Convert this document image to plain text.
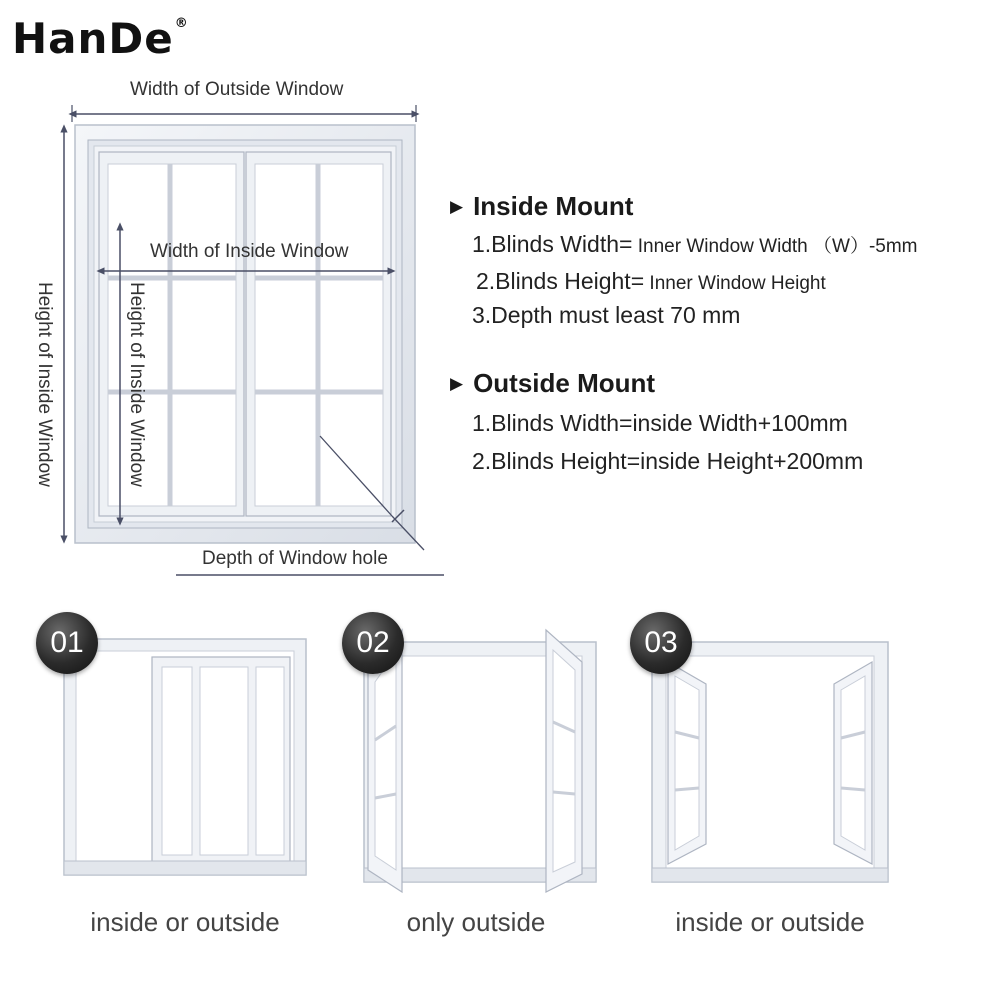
HanDe®
Width of Outside Window
Height of Inside Window
Width of Inside Window
Height of Inside Window
Depth of Window hole
▶ Inside Mount
1.Blinds Width= Inner Window Width （W）-5mm
2.Blinds Height= Inner Window Height
3.Depth must least 70 mm
▶ Outside Mount
1.Blinds Width=inside Width+100mm
2.Blinds Height=inside Height+200mm
01
inside or outside
02
only outside
03
inside or outside
